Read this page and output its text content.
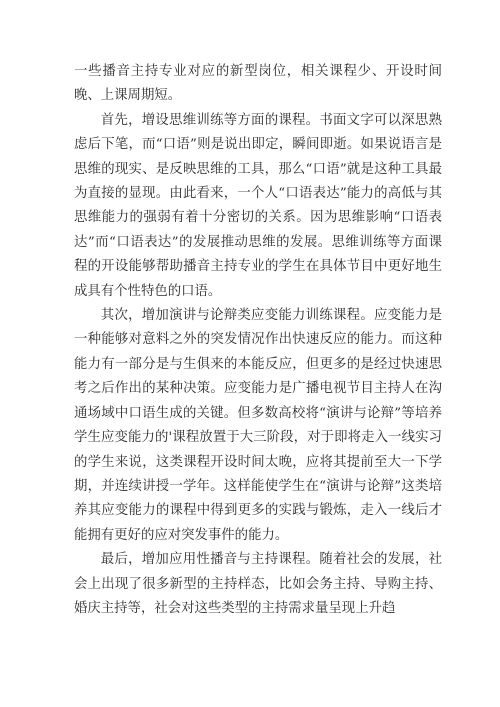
一些播音主持专业对应的新型岗位，相关课程少、开设时间晚、上课周期短。

首先，增设思维训练等方面的课程。书面文字可以深思熟虑后下笔，而“口语”则是说出即定，瞬间即逝。如果说语言是思维的现实、是反映思维的工具，那么“口语”就是这种工具最为直接的显现。由此看来，一个人“口语表达”能力的高低与其思维能力的强弱有着十分密切的关系。因为思维影响“口语表达”而“口语表达”的发展推动思维的发展。思维训练等方面课程的开设能够帮助播音主持专业的学生在具体节目中更好地生成具有个性特色的口语。

其次，增加演讲与论辩类应变能力训练课程。应变能力是一种能够对意料之外的突发情况作出快速反应的能力。而这种能力有一部分是与生俱来的本能反应，但更多的是经过快速思考之后作出的某种决策。应变能力是广播电视节目主持人在沟通场域中口语生成的关键。但多数高校将“演讲与论辩”等培养学生应变能力的'课程放置于大三阶段，对于即将走入一线实习的学生来说，这类课程开设时间太晚，应将其提前至大一下学期，并连续讲授一学年。这样能使学生在“演讲与论辩”这类培养其应变能力的课程中得到更多的实践与锻炼，走入一线后才能拥有更好的应对突发事件的能力。

最后，增加应用性播音与主持课程。随着社会的发展，社会上出现了很多新型的主持样态，比如会务主持、导购主持、婚庆主持等，社会对这些类型的主持需求量呈现上升趋
